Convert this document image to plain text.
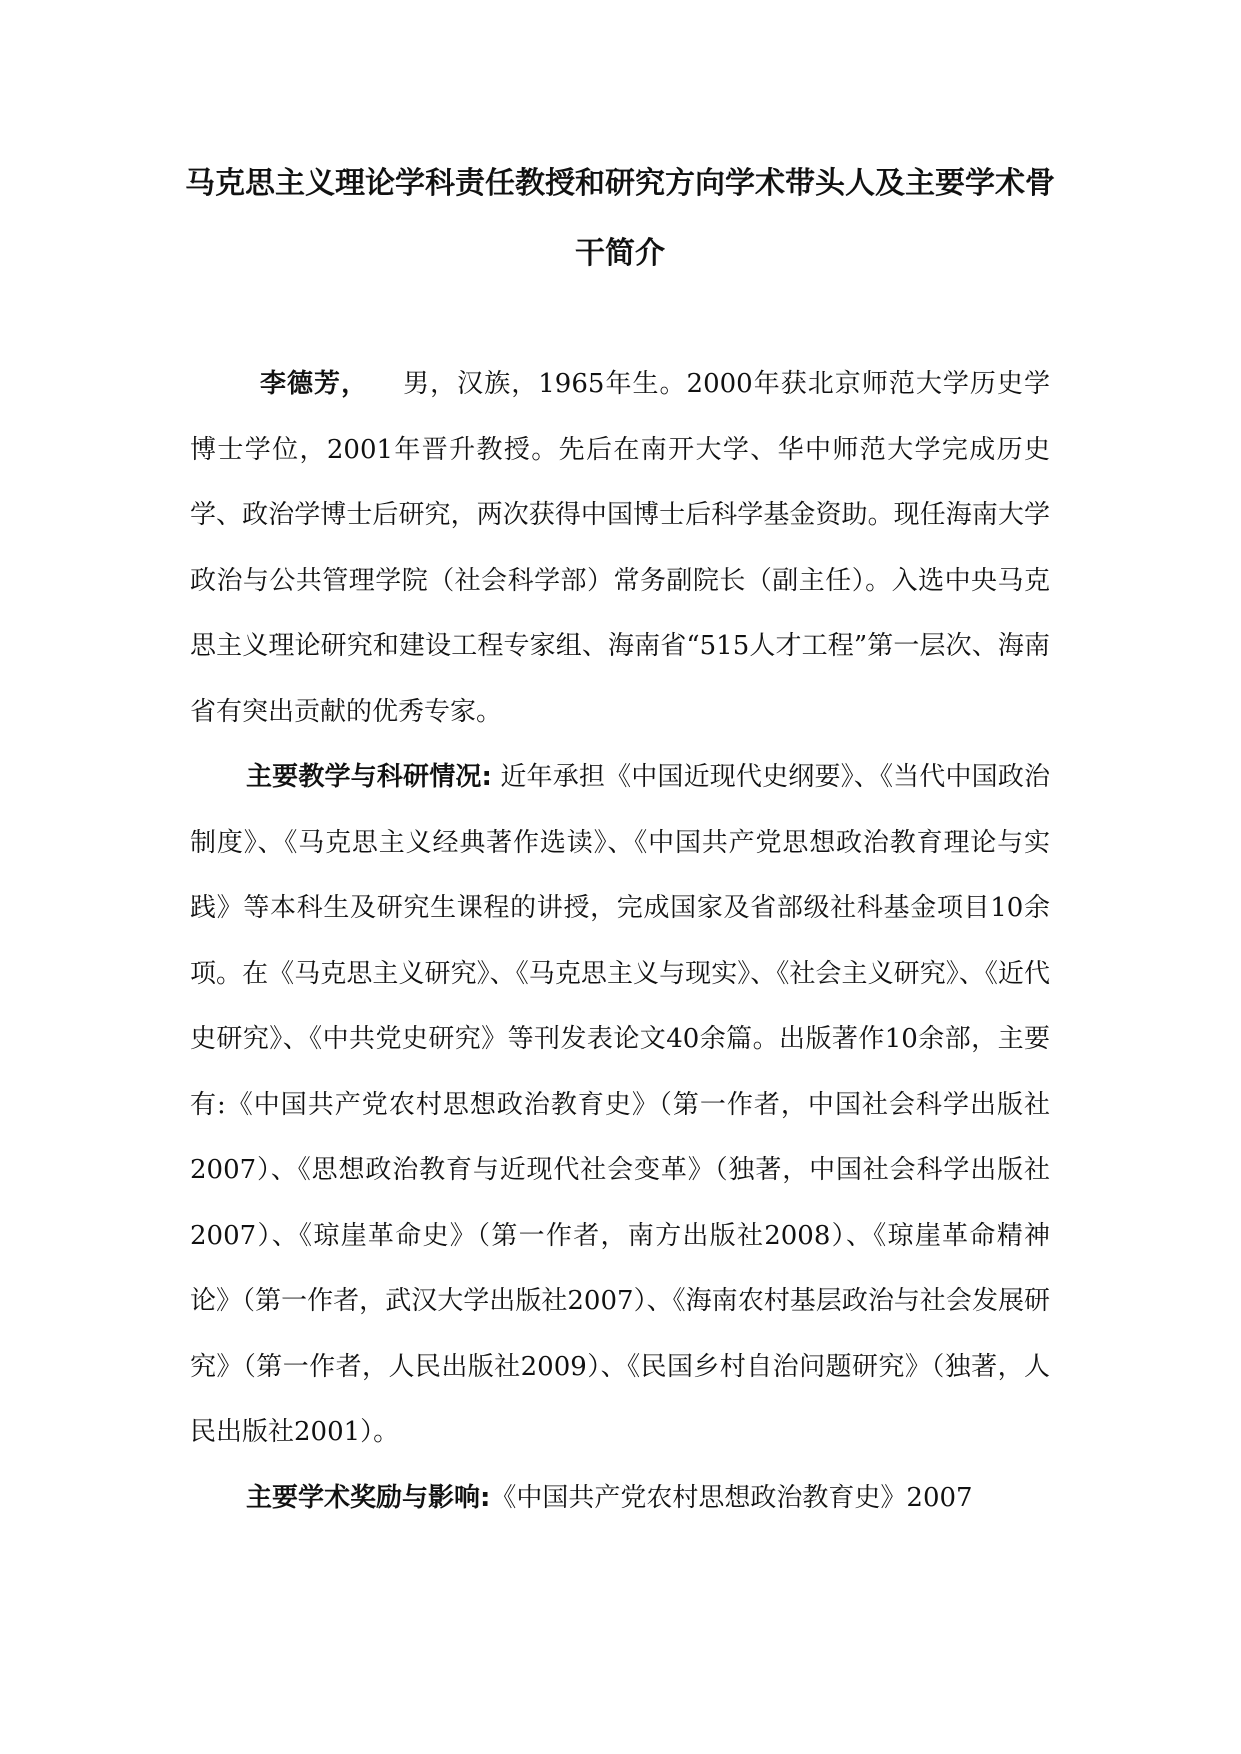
马克思主义理论学科责任教授和研究方向学术带头人及主要学术骨
干简介

李德芳， 男，汉族，1965年生。2000年获北京师范大学历史学博士学位，2001年晋升教授。先后在南开大学、华中师范大学完成历史学、政治学博士后研究，两次获得中国博士后科学基金资助。现任海南大学政治与公共管理学院（社会科学部）常务副院长（副主任）。入选中央马克思主义理论研究和建设工程专家组、海南省“515人才工程”第一层次、海南省有突出贡献的优秀专家。

主要教学与科研情况: 近年承担《中国近现代史纲要》、《当代中国政治制度》、《马克思主义经典著作选读》、《中国共产党思想政治教育理论与实践》等本科生及研究生课程的讲授，完成国家及省部级社科基金项目10余项。在《马克思主义研究》、《马克思主义与现实》、《社会主义研究》、《近代史研究》、《中共党史研究》等刊发表论文40余篇。出版著作10余部，主要有:《中国共产党农村思想政治教育史》（第一作者，中国社会科学出版社2007）、《思想政治教育与近现代社会变革》（独著，中国社会科学出版社2007）、《琼崖革命史》（第一作者，南方出版社2008）、《琼崖革命精神论》（第一作者，武汉大学出版社2007）、《海南农村基层政治与社会发展研究》（第一作者，人民出版社2009）、《民国乡村自治问题研究》（独著，人民出版社2001）。

主要学术奖励与影响:《中国共产党农村思想政治教育史》2007
